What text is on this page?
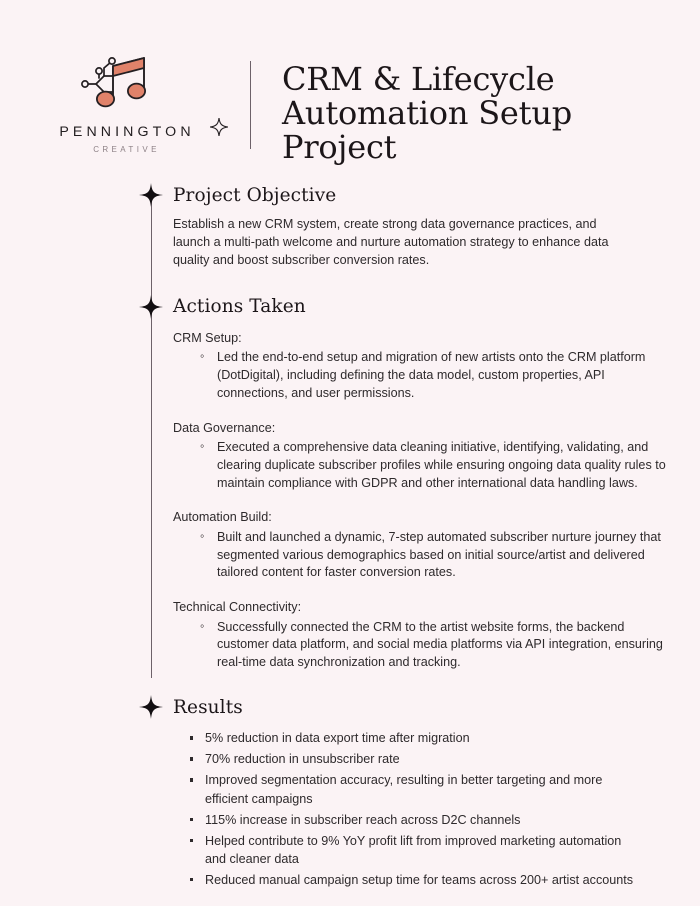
PENNINGTON
CREATIVE
CRM & Lifecycle Automation Setup Project
Project Objective
Establish a new CRM system, create strong data governance practices, and launch a multi-path welcome and nurture automation strategy to enhance data quality and boost subscriber conversion rates.
Actions Taken
CRM Setup:
◦ Led the end-to-end setup and migration of new artists onto the CRM platform (DotDigital), including defining the data model, custom properties, API connections, and user permissions.
Data Governance:
◦ Executed a comprehensive data cleaning initiative, identifying, validating, and clearing duplicate subscriber profiles while ensuring ongoing data quality rules to maintain compliance with GDPR and other international data handling laws.
Automation Build:
◦ Built and launched a dynamic, 7-step automated subscriber nurture journey that segmented various demographics based on initial source/artist and delivered tailored content for faster conversion rates.
Technical Connectivity:
◦ Successfully connected the CRM to the artist website forms, the backend customer data platform, and social media platforms via API integration, ensuring real-time data synchronization and tracking.
Results
5% reduction in data export time after migration
70% reduction in unsubscriber rate
Improved segmentation accuracy, resulting in better targeting and more efficient campaigns
115% increase in subscriber reach across D2C channels
Helped contribute to 9% YoY profit lift from improved marketing automation and cleaner data
Reduced manual campaign setup time for teams across 200+ artist accounts
